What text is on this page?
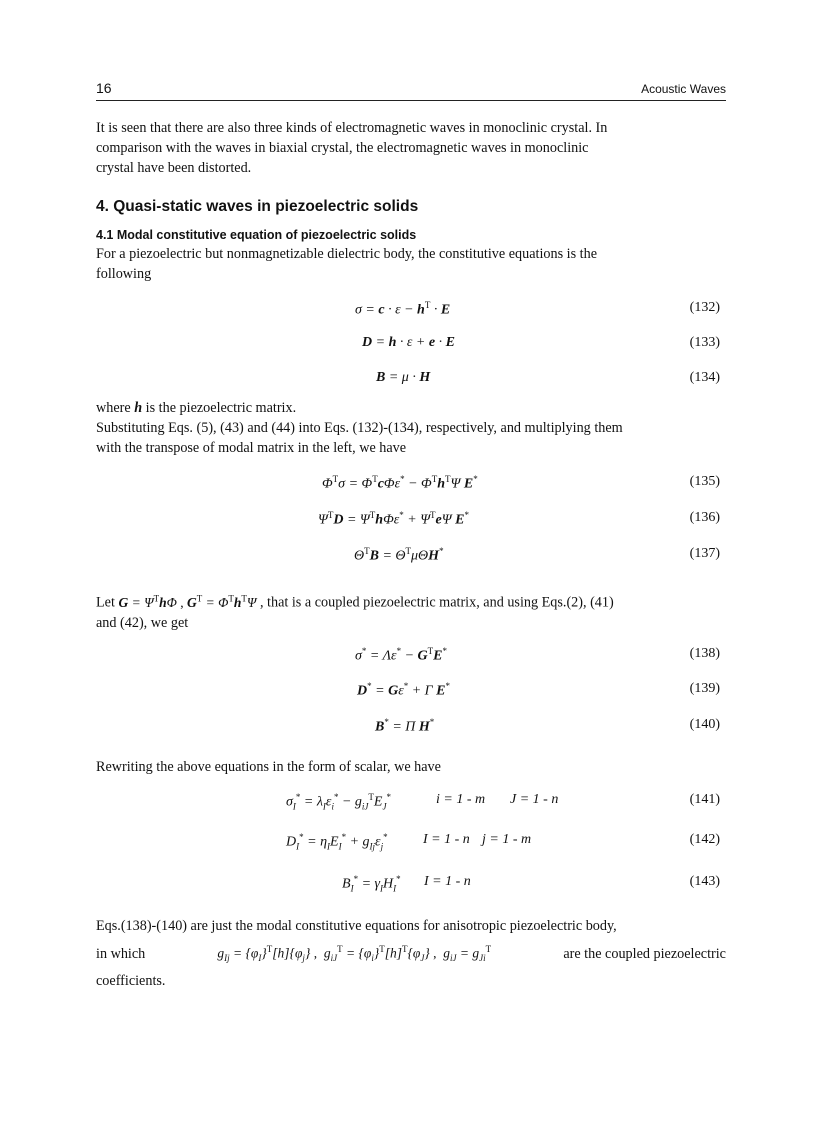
16	Acoustic Waves
It is seen that there are also three kinds of electromagnetic waves in monoclinic crystal. In
comparison with the waves in biaxial crystal, the electromagnetic waves in monoclinic
crystal have been distorted.
4. Quasi-static waves in piezoelectric solids
4.1 Modal constitutive equation of piezoelectric solids
For a piezoelectric but nonmagnetizable dielectric body, the constitutive equations is the
following
$\sigma = c \cdot \varepsilon - h^T \cdot E$	(132)
D = h · ε + e · E	(133)
B = μ · H	(134)
where h is the piezoelectric matrix.
Substituting Eqs. (5), (43) and (44) into Eqs. (132)-(134), respectively, and multiplying them
with the transpose of modal matrix in the left, we have
$\Phi^T\sigma = \Phi^Tc\Phi\varepsilon^* - \Phi^Th^T\Psi$ E*	(135)
$\Psi^TD = \Psi^Th\Phi\varepsilon^* + \Psi^Te\Psi$ E*	(136)
$\Theta^TB = \Theta^T\mu\Theta H^*$	(137)
Let $G = \Psi^Th\Phi$ , $G^T = \Phi^Th^T\Psi$ , that is a coupled piezoelectric matrix, and using Eqs.(2), (41)
and (42), we get
$\sigma^* = \Lambda\varepsilon^* - G^TE^*$	(138)
D* = Gε* + Γ E*	(139)
B* = Π H*	(140)
Rewriting the above equations in the form of scalar, we have
$\sigma_I^* = \lambda_I\varepsilon_i^* - g_{iJ}^TE_J^*$	i = 1 - m J = 1 - n	(141)
$D_I^* = \eta_IE_I^* + g_{Ij}\varepsilon_j^*$	I = 1 - n j = 1 - m	(142)
$B_I^* = \gamma_IH_I^*$ I = 1 - n	(143)
Eqs.(138)-(140) are just the modal constitutive equations for anisotropic piezoelectric body,
in which	$g_{Ij} = \{\varphi_I\}^T[h]\{\varphi_j\}$ ,  $g_{iJ}^T = \{\varphi_i\}^T[h]^T\{\varphi_J\}$ ,  $g_{iJ} = g_{Ji}^T$	are the coupled piezoelectric
coefficients.
